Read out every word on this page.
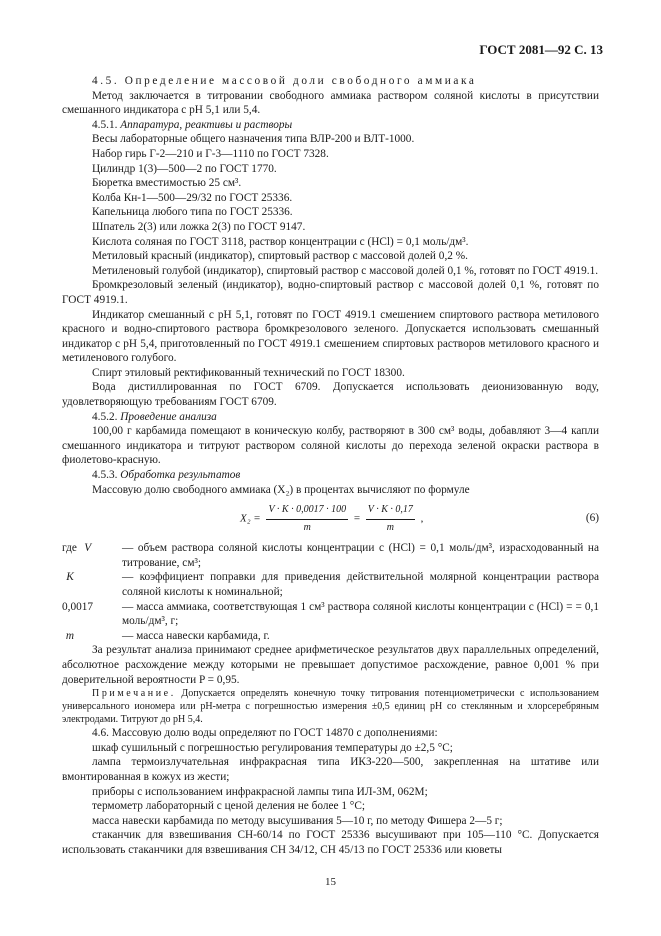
ГОСТ 2081—92 С. 13

4.5. Определение массовой доли свободного аммиака

Метод заключается в титровании свободного аммиака раствором соляной кислоты в присутствии смешанного индикатора с рН 5,1 или 5,4.

4.5.1. Аппаратура, реактивы и растворы

Весы лабораторные общего назначения типа ВЛР-200 и ВЛТ-1000.

Набор гирь Г-2—210 и Г-3—1110 по ГОСТ 7328.

Цилиндр 1(3)—500—2 по ГОСТ 1770.

Бюретка вместимостью 25 см³.

Колба Кн-1—500—29/32 по ГОСТ 25336.

Капельница любого типа по ГОСТ 25336.

Шпатель 2(3) или ложка 2(3) по ГОСТ 9147.

Кислота соляная по ГОСТ 3118, раствор концентрации с (HCl) = 0,1 моль/дм³.

Метиловый красный (индикатор), спиртовый раствор с массовой долей 0,2 %.

Метиленовый голубой (индикатор), спиртовый раствор с массовой долей 0,1 %, готовят по ГОСТ 4919.1.

Бромкрезоловый зеленый (индикатор), водно-спиртовый раствор с массовой долей 0,1 %, готовят по ГОСТ 4919.1.

Индикатор смешанный с рН 5,1, готовят по ГОСТ 4919.1 смешением спиртового раствора метилового красного и водно-спиртового раствора бромкрезолового зеленого. Допускается использовать смешанный индикатор с рН 5,4, приготовленный по ГОСТ 4919.1 смешением спиртовых растворов метилового красного и метиленового голубого.

Спирт этиловый ректификованный технический по ГОСТ 18300.

Вода дистиллированная по ГОСТ 6709. Допускается использовать деионизованную воду, удовлетворяющую требованиям ГОСТ 6709.

4.5.2. Проведение анализа

100,00 г карбамида помещают в коническую колбу, растворяют в 300 см³ воды, добавляют 3—4 капли смешанного индикатора и титруют раствором соляной кислоты до перехода зеленой окраски раствора в фиолетово-красную.

4.5.3. Обработка результатов

Массовую долю свободного аммиака (X₂) в процентах вычисляют по формуле

$X_2 = \frac{V \cdot K \cdot 0,0017 \cdot 100}{m} = \frac{V \cdot K \cdot 0,17}{m}$ ,	(6)
где V	— объем раствора соляной кислоты концентрации с (HCl) = 0,1 моль/дм³, израсходованный на титрование, см³;
K	— коэффициент поправки для приведения действительной молярной концентрации раствора соляной кислоты к номинальной;
0,0017	— масса аммиака, соответствующая 1 см³ раствора соляной кислоты концентрации с (HCl) = = 0,1 моль/дм³, г;
m	— масса навески карбамида, г.

За результат анализа принимают среднее арифметическое результатов двух параллельных определений, абсолютное расхождение между которыми не превышает допустимое расхождение, равное 0,001 % при доверительной вероятности P = 0,95.

Примечание. Допускается определять конечную точку титрования потенциометрически с использованием универсального иономера или рН-метра с погрешностью измерения ±0,5 единиц рН со стеклянным и хлорсеребряным электродами. Титруют до рН 5,4.

4.6. Массовую долю воды определяют по ГОСТ 14870 с дополнениями:

шкаф сушильный с погрешностью регулирования температуры до ±2,5 °С;

лампа термоизлучательная инфракрасная типа ИКЗ-220—500, закрепленная на штативе или вмонтированная в кожух из жести;

приборы с использованием инфракрасной лампы типа ИЛ-3М, 062М;

термометр лабораторный с ценой деления не более 1 °С;

масса навески карбамида по методу высушивания 5—10 г, по методу Фишера 2—5 г;

стаканчик для взвешивания СН-60/14 по ГОСТ 25336 высушивают при 105—110 °С. Допускается использовать стаканчики для взвешивания СН 34/12, СН 45/13 по ГОСТ 25336 или кюветы

15
